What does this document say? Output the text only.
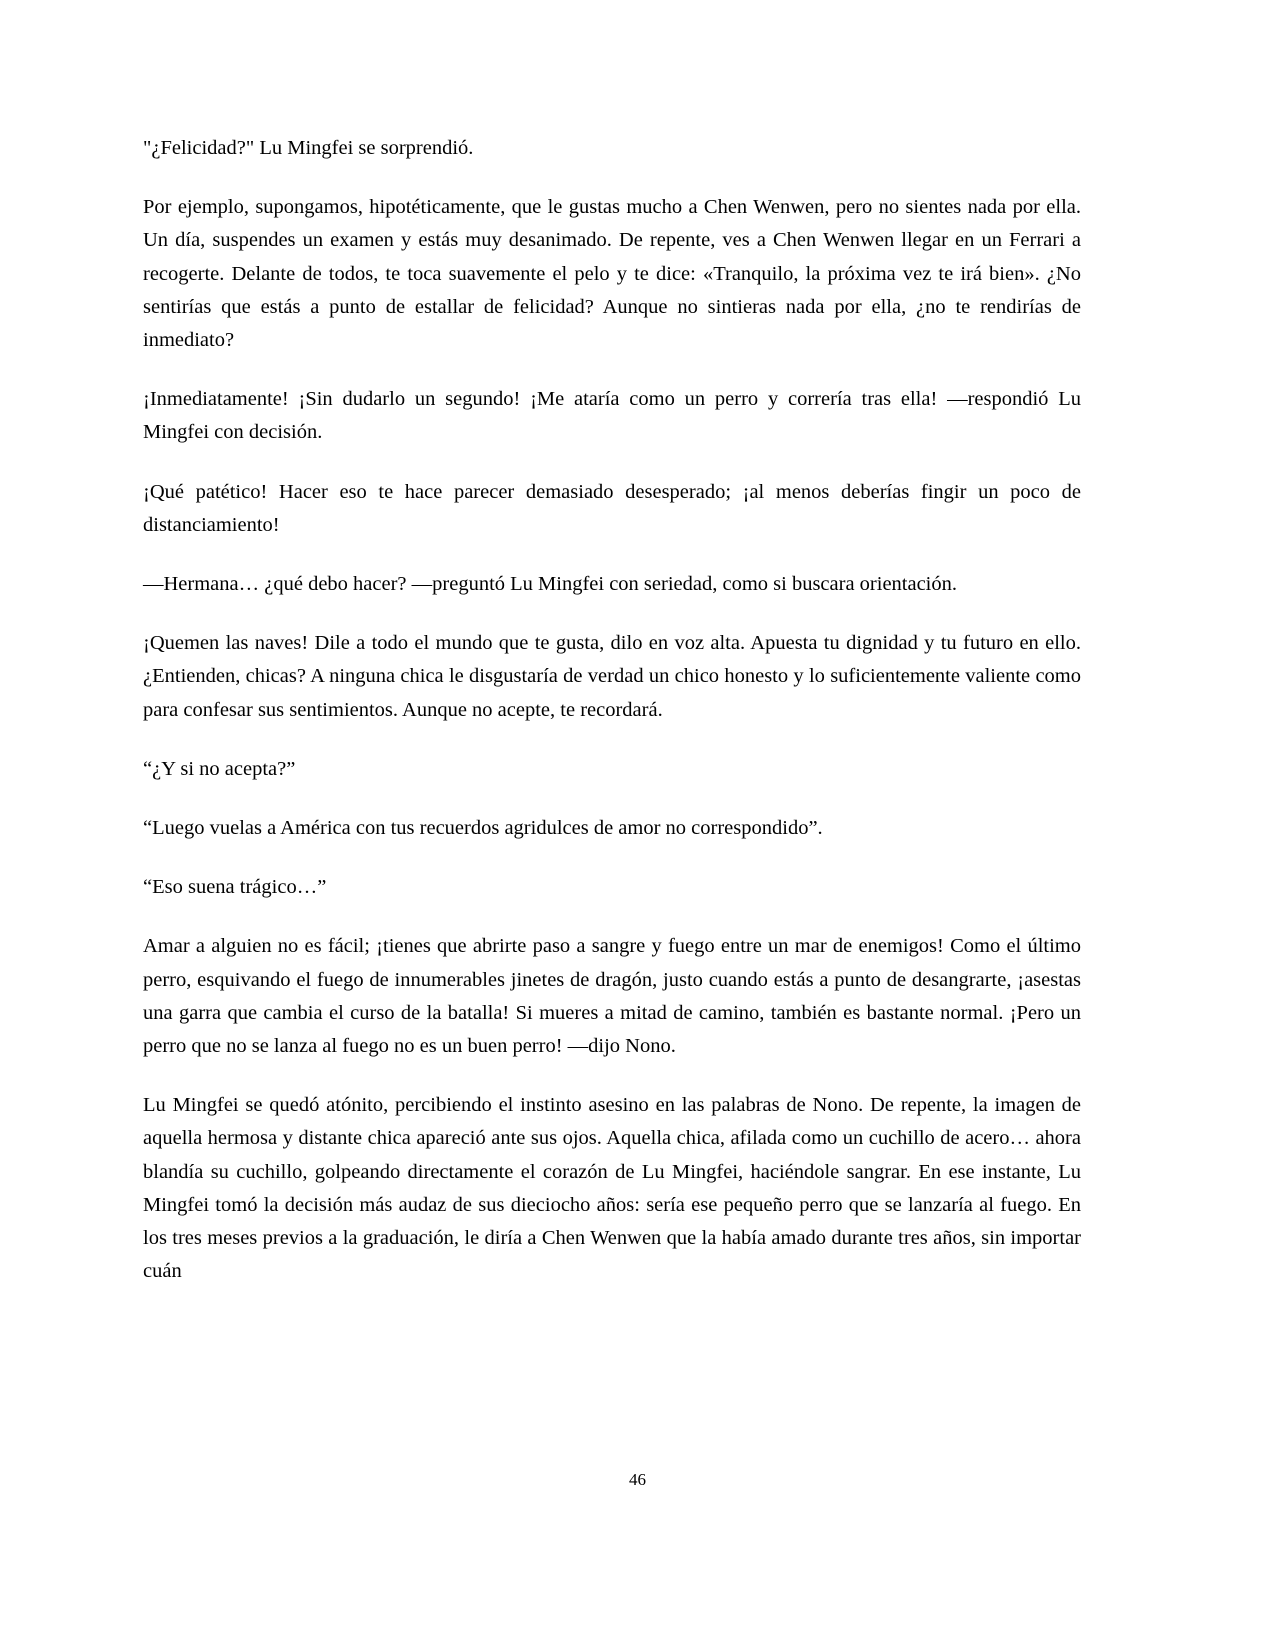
"¿Felicidad?" Lu Mingfei se sorprendió.

Por ejemplo, supongamos, hipotéticamente, que le gustas mucho a Chen Wenwen, pero no sientes nada por ella. Un día, suspendes un examen y estás muy desanimado. De repente, ves a Chen Wenwen llegar en un Ferrari a recogerte. Delante de todos, te toca suavemente el pelo y te dice: «Tranquilo, la próxima vez te irá bien». ¿No sentirías que estás a punto de estallar de felicidad? Aunque no sintieras nada por ella, ¿no te rendirías de inmediato?

¡Inmediatamente! ¡Sin dudarlo un segundo! ¡Me ataría como un perro y correría tras ella! —respondió Lu Mingfei con decisión.

¡Qué patético! Hacer eso te hace parecer demasiado desesperado; ¡al menos deberías fingir un poco de distanciamiento!

—Hermana… ¿qué debo hacer? —preguntó Lu Mingfei con seriedad, como si buscara orientación.

¡Quemen las naves! Dile a todo el mundo que te gusta, dilo en voz alta. Apuesta tu dignidad y tu futuro en ello. ¿Entienden, chicas? A ninguna chica le disgustaría de verdad un chico honesto y lo suficientemente valiente como para confesar sus sentimientos. Aunque no acepte, te recordará.

“¿Y si no acepta?”

“Luego vuelas a América con tus recuerdos agridulces de amor no correspondido”.

“Eso suena trágico…”

Amar a alguien no es fácil; ¡tienes que abrirte paso a sangre y fuego entre un mar de enemigos! Como el último perro, esquivando el fuego de innumerables jinetes de dragón, justo cuando estás a punto de desangrarte, ¡asestas una garra que cambia el curso de la batalla! Si mueres a mitad de camino, también es bastante normal. ¡Pero un perro que no se lanza al fuego no es un buen perro! —dijo Nono.

Lu Mingfei se quedó atónito, percibiendo el instinto asesino en las palabras de Nono. De repente, la imagen de aquella hermosa y distante chica apareció ante sus ojos. Aquella chica, afilada como un cuchillo de acero… ahora blandía su cuchillo, golpeando directamente el corazón de Lu Mingfei, haciéndole sangrar. En ese instante, Lu Mingfei tomó la decisión más audaz de sus dieciocho años: sería ese pequeño perro que se lanzaría al fuego. En los tres meses previos a la graduación, le diría a Chen Wenwen que la había amado durante tres años, sin importar cuán

46
